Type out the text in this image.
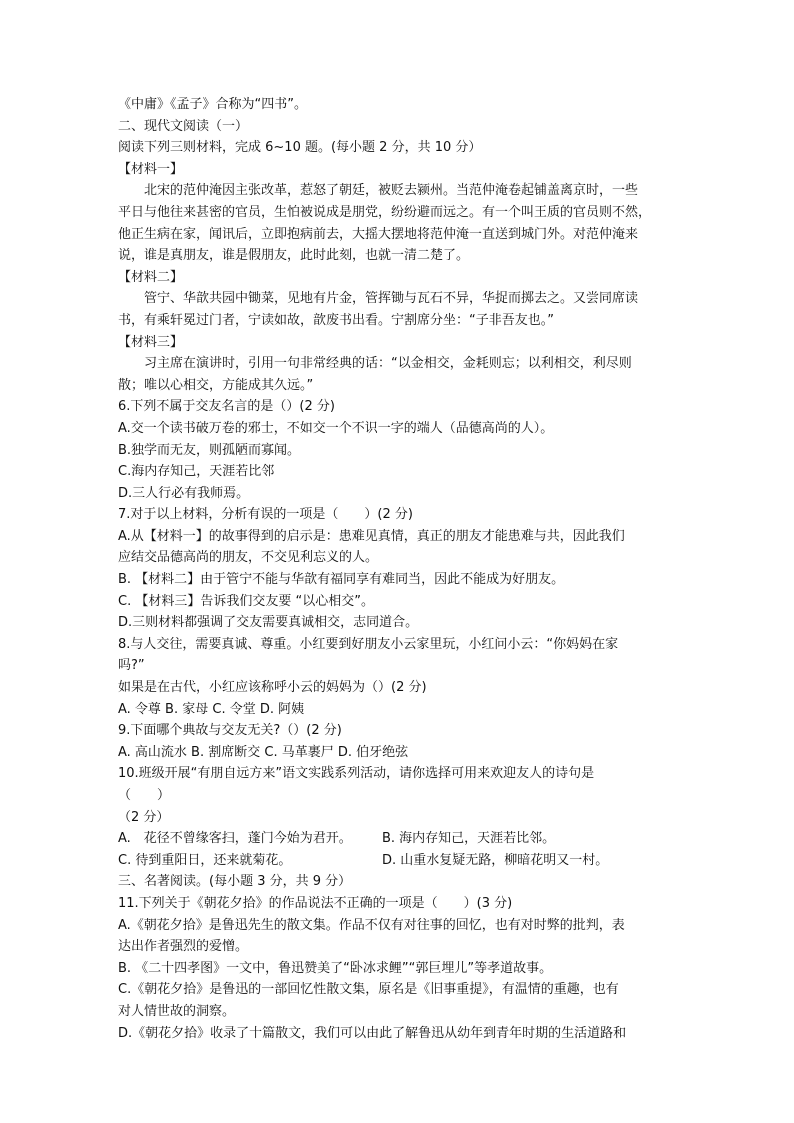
《中庸》《孟子》合称为“四书”。
二、现代文阅读（一）
阅读下列三则材料，完成 6~10 题。(每小题 2 分，共 10 分）
【材料一】
北宋的范仲淹因主张改革，惹怒了朝廷，被贬去颍州。当范仲淹卷起铺盖离京时，一些
平日与他往来甚密的官员，生怕被说成是朋党，纷纷避而远之。有一个叫王质的官员则不然，
他正生病在家，闻讯后，立即抱病前去，大摇大摆地将范仲淹一直送到城门外。对范仲淹来
说，谁是真朋友，谁是假朋友，此时此刻，也就一清二楚了。
【材料二】
管宁、华歆共园中锄菜，见地有片金，管挥锄与瓦石不异，华捉而掷去之。又尝同席读
书，有乘轩冕过门者，宁读如故，歆废书出看。宁割席分坐：“子非吾友也。”
【材料三】
习主席在演讲时，引用一句非常经典的话：“以金相交，金耗则忘；以利相交，利尽则
散；唯以心相交，方能成其久远。”
6.下列不属于交友名言的是（）(2 分)
A.交一个读书破万卷的邪士，不如交一个不识一字的端人（品德高尚的人）。
B.独学而无友，则孤陋而寡闻。
C.海内存知己，天涯若比邻
D.三人行必有我师焉。
7.对于以上材料，分析有误的一项是（　　）(2 分)
A.从【材料一】的故事得到的启示是：患难见真情，真正的朋友才能患难与共，因此我们
应结交品德高尚的朋友，不交见利忘义的人。
B. 【材料二】由于管宁不能与华歆有福同享有难同当，因此不能成为好朋友。
C. 【材料三】告诉我们交友要 “以心相交”。
D.三则材料都强调了交友需要真诚相交，志同道合。
8.与人交往，需要真诚、尊重。小红要到好朋友小云家里玩，小红问小云：“你妈妈在家
吗?”
如果是在古代，小红应该称呼小云的妈妈为（）(2 分)
A. 令尊 B. 家母 C. 令堂 D. 阿姨
9.下面哪个典故与交友无关?（）(2 分)
A. 高山流水 B. 割席断交 C. 马革裹尸 D. 伯牙绝弦
10.班级开展“有朋自远方来”语文实践系列活动，请你选择可用来欢迎友人的诗句是
（　　）
（2 分）
A.　花径不曾缘客扫，蓬门今始为君开。	B. 海内存知己，天涯若比邻。
C. 待到重阳日，还来就菊花。	D. 山重水复疑无路，柳暗花明又一村。
三、名著阅读。(每小题 3 分，共 9 分）
11.下列关于《朝花夕拾》的作品说法不正确的一项是（　　）(3 分)
A.《朝花夕拾》是鲁迅先生的散文集。作品不仅有对往事的回忆，也有对时弊的批判，表
达出作者强烈的爱憎。
B. 《二十四孝图》一文中，鲁迅赞美了“卧冰求鲤”“郭巨埋儿”等孝道故事。
C.《朝花夕拾》是鲁迅的一部回忆性散文集，原名是《旧事重提》，有温情的重趣，也有
对人情世故的洞察。
D.《朝花夕拾》收录了十篇散文，我们可以由此了解鲁迅从幼年到青年时期的生活道路和
